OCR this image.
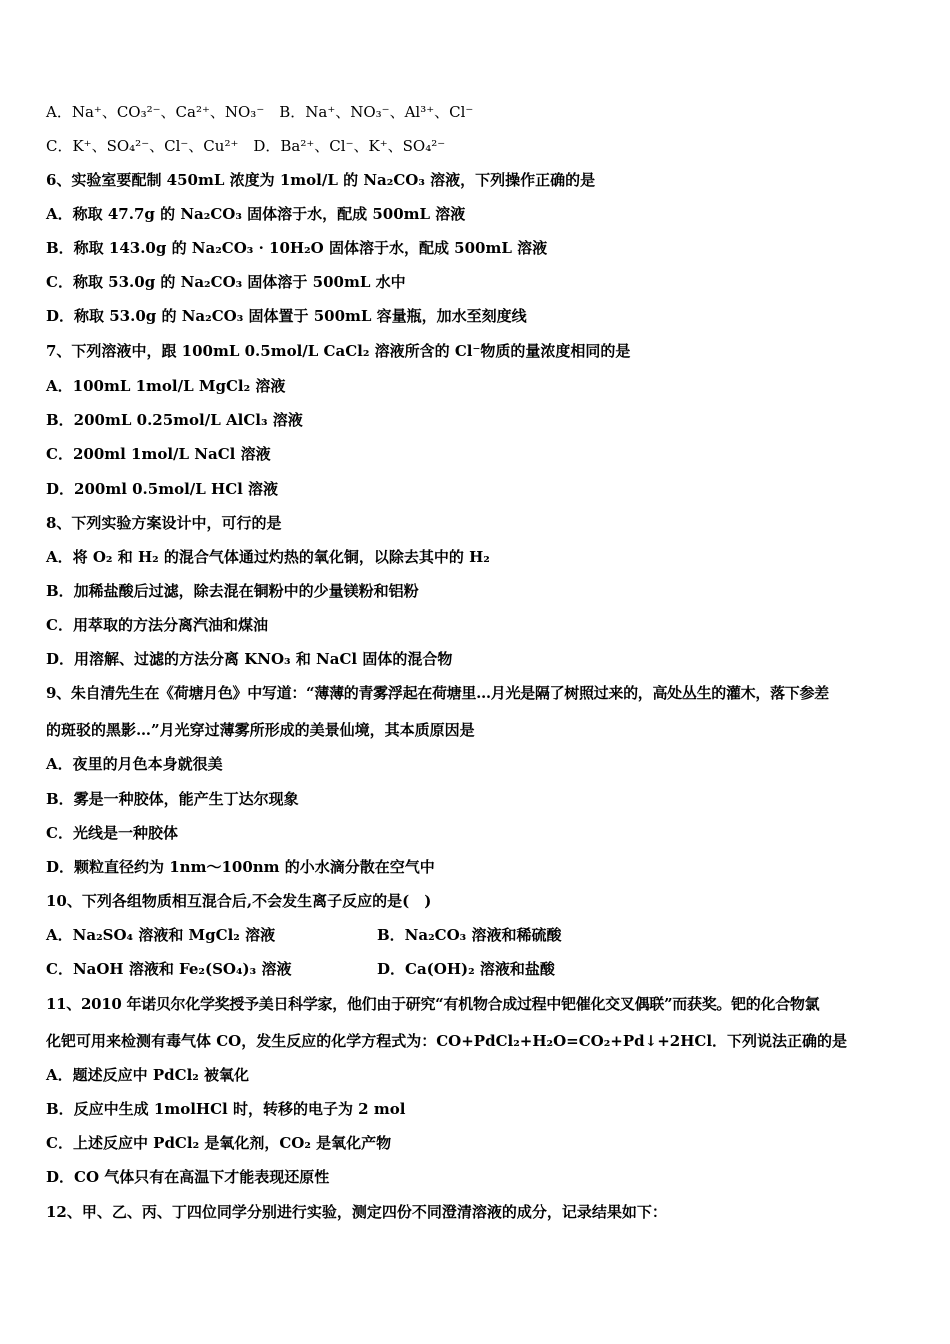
A．Na⁺、CO₃²⁻、Ca²⁺、NO₃⁻　B．Na⁺、NO₃⁻、Al³⁺、Cl⁻
C．K⁺、SO₄²⁻、Cl⁻、Cu²⁺　D．Ba²⁺、Cl⁻、K⁺、SO₄²⁻
6、实验室要配制 450mL 浓度为 1mol/L 的 Na₂CO₃ 溶液，下列操作正确的是
A．称取 47.7g 的 Na₂CO₃ 固体溶于水，配成 500mL 溶液
B．称取 143.0g 的 Na₂CO₃ · 10H₂O 固体溶于水，配成 500mL 溶液
C．称取 53.0g 的 Na₂CO₃ 固体溶于 500mL 水中
D．称取 53.0g 的 Na₂CO₃ 固体置于 500mL 容量瓶，加水至刻度线
7、下列溶液中，跟 100mL 0.5mol/L CaCl₂ 溶液所含的 Cl⁻物质的量浓度相同的是
A．100mL 1mol/L MgCl₂ 溶液
B．200mL 0.25mol/L AlCl₃ 溶液
C．200ml 1mol/L NaCl 溶液
D．200ml 0.5mol/L HCl 溶液
8、下列实验方案设计中，可行的是
A．将 O₂ 和 H₂ 的混合气体通过灼热的氧化铜，以除去其中的 H₂
B．加稀盐酸后过滤，除去混在铜粉中的少量镁粉和铝粉
C．用萃取的方法分离汽油和煤油
D．用溶解、过滤的方法分离 KNO₃ 和 NaCl 固体的混合物
9、朱自清先生在《荷塘月色》中写道：“薄薄的青雾浮起在荷塘里…月光是隔了树照过来的，高处丛生的灌木，落下参差
的斑驳的黑影…”月光穿过薄雾所形成的美景仙境，其本质原因是
A．夜里的月色本身就很美
B．雾是一种胶体，能产生丁达尔现象
C．光线是一种胶体
D．颗粒直径约为 1nm～100nm 的小水滴分散在空气中
10、下列各组物质相互混合后,不会发生离子反应的是(　)
A．Na₂SO₄ 溶液和 MgCl₂ 溶液	B．Na₂CO₃ 溶液和稀硫酸
C．NaOH 溶液和 Fe₂(SO₄)₃ 溶液	D．Ca(OH)₂ 溶液和盐酸
11、2010 年诺贝尔化学奖授予美日科学家，他们由于研究“有机物合成过程中钯催化交叉偶联”而获奖。钯的化合物氯
化钯可用来检测有毒气体 CO，发生反应的化学方程式为：CO+PdCl₂+H₂O=CO₂+Pd↓+2HCl．下列说法正确的是
A．题述反应中 PdCl₂ 被氧化
B．反应中生成 1molHCl 时，转移的电子为 2 mol
C．上述反应中 PdCl₂ 是氧化剂，CO₂ 是氧化产物
D．CO 气体只有在高温下才能表现还原性
12、甲、乙、丙、丁四位同学分别进行实验，测定四份不同澄清溶液的成分，记录结果如下：
